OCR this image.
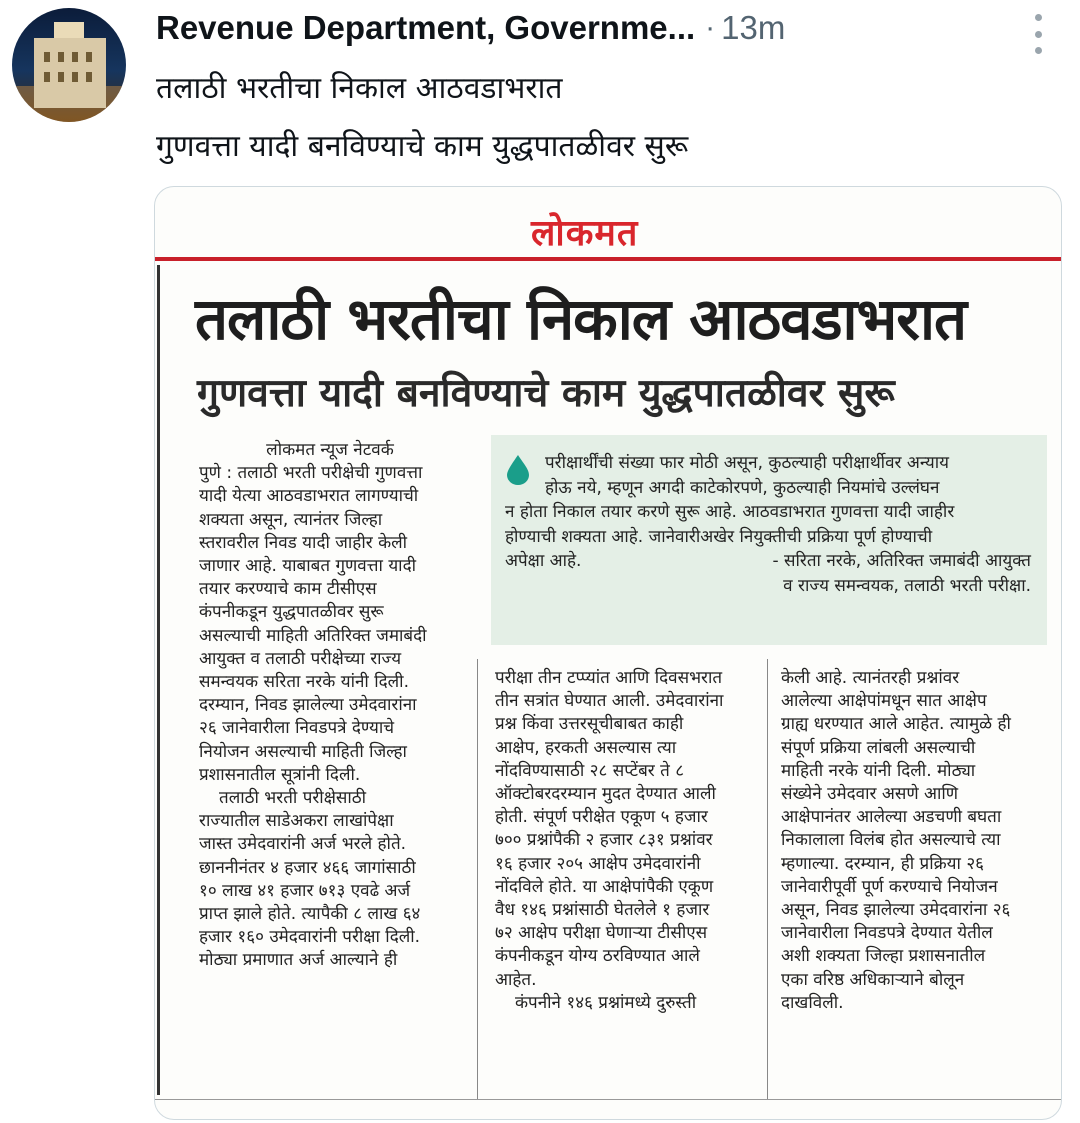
Revenue Department, Governme... · 13m
तलाठी भरतीचा निकाल आठवडाभरात
गुणवत्ता यादी बनविण्याचे काम युद्धपातळीवर सुरू
लोकमत
तलाठी भरतीचा निकाल आठवडाभरात
गुणवत्ता यादी बनविण्याचे काम युद्धपातळीवर सुरू
परीक्षार्थींची संख्या फार मोठी असून, कुठल्याही परीक्षार्थीवर अन्याय
होऊ नये, म्हणून अगदी काटेकोरपणे, कुठल्याही नियमांचे उल्लंघन
न होता निकाल तयार करणे सुरू आहे. आठवडाभरात गुणवत्ता यादी जाहीर
होण्याची शक्यता आहे. जानेवारीअखेर नियुक्तीची प्रक्रिया पूर्ण होण्याची
अपेक्षा आहे.	- सरिता नरके, अतिरिक्त जमाबंदी आयुक्त
व राज्य समन्वयक, तलाठी भरती परीक्षा.
लोकमत न्यूज नेटवर्क
पुणे : तलाठी भरती परीक्षेची गुणवत्ता
यादी येत्या आठवडाभरात लागण्याची
शक्यता असून, त्यानंतर जिल्हा
स्तरावरील निवड यादी जाहीर केली
जाणार आहे. याबाबत गुणवत्ता यादी
तयार करण्याचे काम टीसीएस
कंपनीकडून युद्धपातळीवर सुरू
असल्याची माहिती अतिरिक्त जमाबंदी
आयुक्त व तलाठी परीक्षेच्या राज्य
समन्वयक सरिता नरके यांनी दिली.
दरम्यान, निवड झालेल्या उमेदवारांना
२६ जानेवारीला निवडपत्रे देण्याचे
नियोजन असल्याची माहिती जिल्हा
प्रशासनातील सूत्रांनी दिली.
तलाठी भरती परीक्षेसाठी
राज्यातील साडेअकरा लाखांपेक्षा
जास्त उमेदवारांनी अर्ज भरले होते.
छाननीनंतर ४ हजार ४६६ जागांसाठी
१० लाख ४१ हजार ७१३ एवढे अर्ज
प्राप्त झाले होते. त्यापैकी ८ लाख ६४
हजार १६० उमेदवारांनी परीक्षा दिली.
मोठ्या प्रमाणात अर्ज आल्याने ही
परीक्षा तीन टप्प्यांत आणि दिवसभरात
तीन सत्रांत घेण्यात आली. उमेदवारांना
प्रश्न किंवा उत्तरसूचीबाबत काही
आक्षेप, हरकती असल्यास त्या
नोंदविण्यासाठी २८ सप्टेंबर ते ८
ऑक्टोबरदरम्यान मुदत देण्यात आली
होती. संपूर्ण परीक्षेत एकूण ५ हजार
७०० प्रश्नांपैकी २ हजार ८३१ प्रश्नांवर
१६ हजार २०५ आक्षेप उमेदवारांनी
नोंदविले होते. या आक्षेपांपैकी एकूण
वैध १४६ प्रश्नांसाठी घेतलेले १ हजार
७२ आक्षेप परीक्षा घेणाऱ्या टीसीएस
कंपनीकडून योग्य ठरविण्यात आले
आहेत.
कंपनीने १४६ प्रश्नांमध्ये दुरुस्ती
केली आहे. त्यानंतरही प्रश्नांवर
आलेल्या आक्षेपांमधून सात आक्षेप
ग्राह्य धरण्यात आले आहेत. त्यामुळे ही
संपूर्ण प्रक्रिया लांबली असल्याची
माहिती नरके यांनी दिली. मोठ्या
संख्येने उमेदवार असणे आणि
आक्षेपानंतर आलेल्या अडचणी बघता
निकालाला विलंब होत असल्याचे त्या
म्हणाल्या. दरम्यान, ही प्रक्रिया २६
जानेवारीपूर्वी पूर्ण करण्याचे नियोजन
असून, निवड झालेल्या उमेदवारांना २६
जानेवारीला निवडपत्रे देण्यात येतील
अशी शक्यता जिल्हा प्रशासनातील
एका वरिष्ठ अधिकाऱ्याने बोलून
दाखविली.
